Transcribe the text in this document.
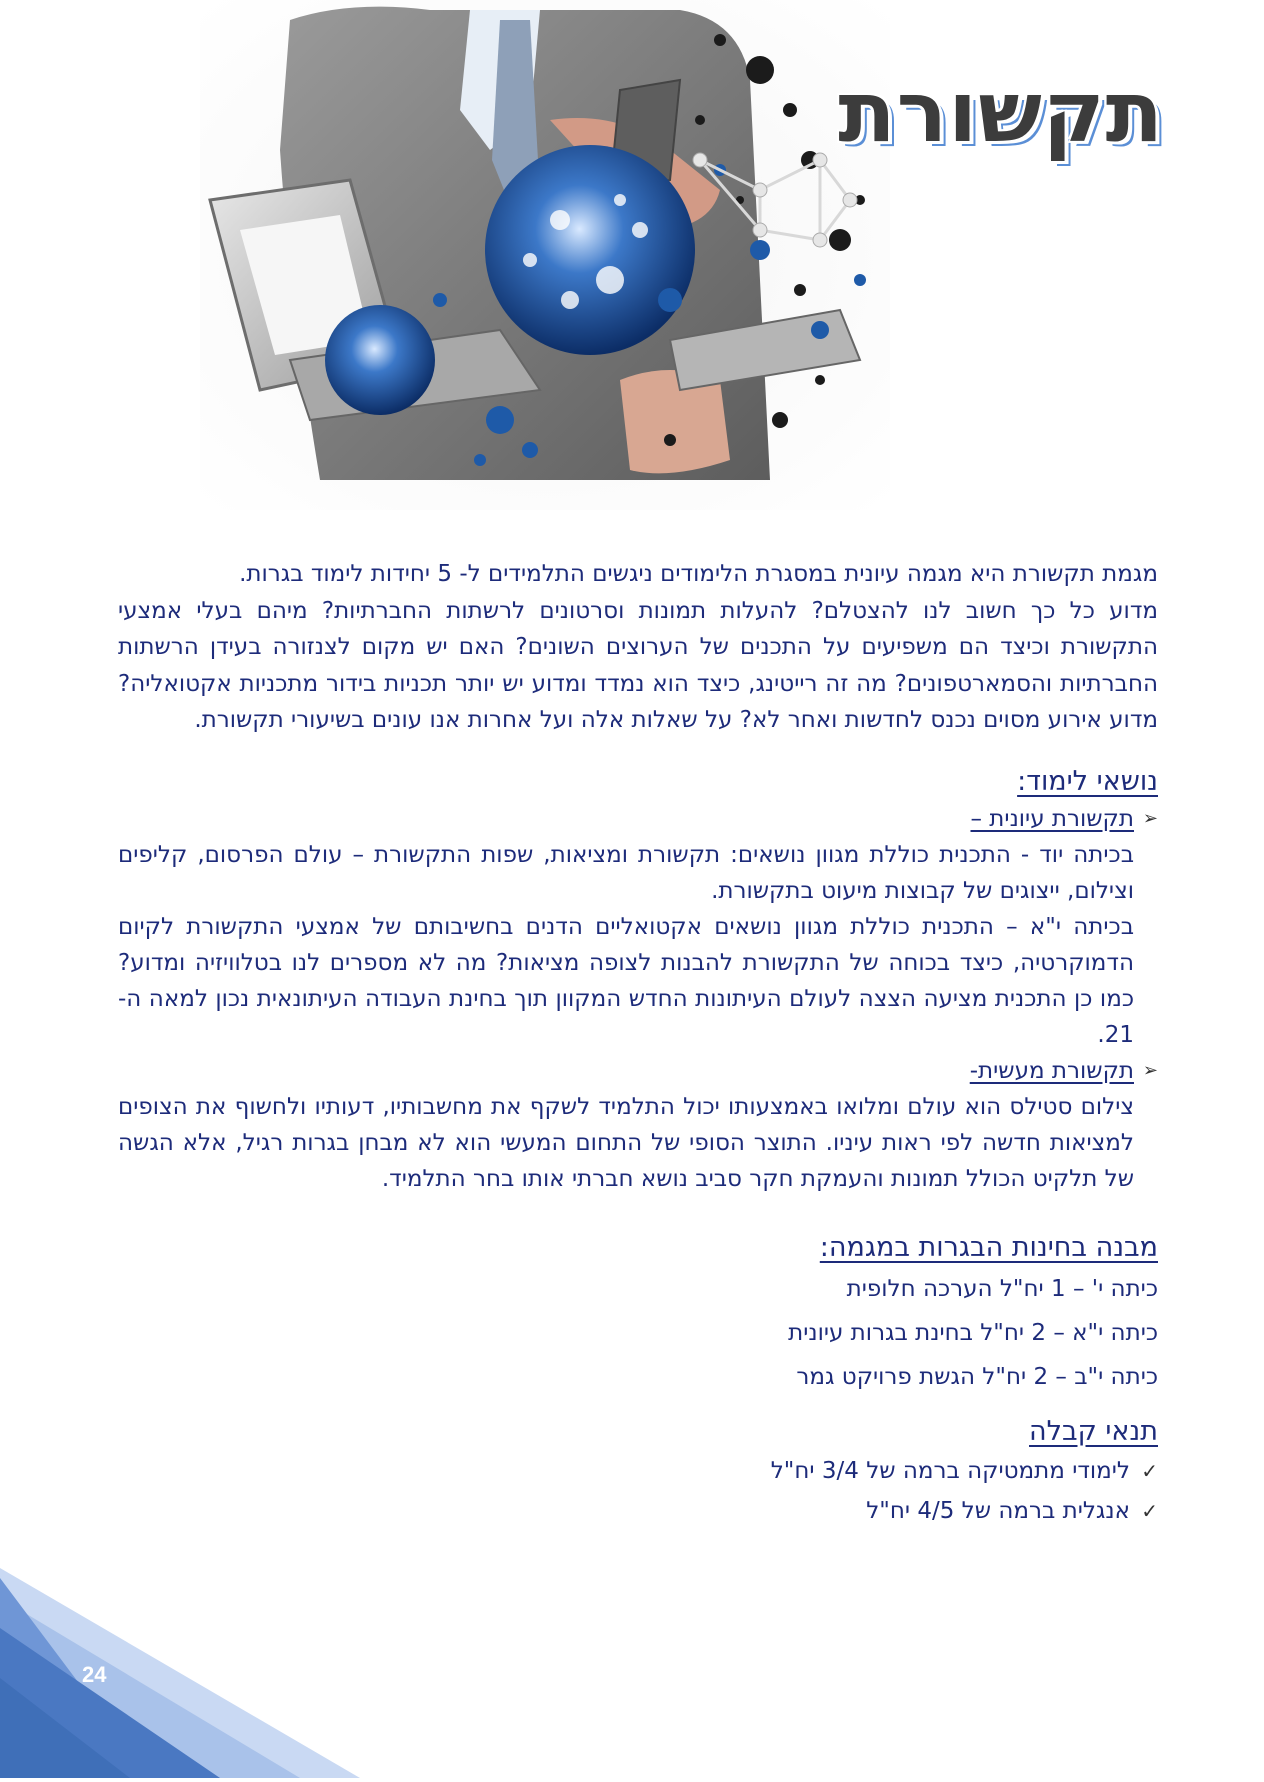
תקשורת

מגמת תקשורת היא מגמה עיונית במסגרת הלימודים ניגשים התלמידים ל- 5 יחידות לימוד בגרות.

מדוע כל כך חשוב לנו להצטלם? להעלות תמונות וסרטונים לרשתות החברתיות? מיהם בעלי אמצעי התקשורת וכיצד הם משפיעים על התכנים של הערוצים השונים? האם יש מקום לצנזורה בעידן הרשתות החברתיות והסמארטפונים? מה זה רייטינג, כיצד הוא נמדד ומדוע יש יותר תכניות בידור מתכניות אקטואליה? מדוע אירוע מסוים נכנס לחדשות ואחר לא? על שאלות אלה ועל אחרות אנו עונים בשיעורי תקשורת.

נושאי לימוד:
➢
תקשורת עיונית –

בכיתה יוד - התכנית כוללת מגוון נושאים: תקשורת ומציאות, שפות התקשורת – עולם הפרסום, קליפים וצילום, ייצוגים של קבוצות מיעוט בתקשורת.

בכיתה י"א – התכנית כוללת מגוון נושאים אקטואליים הדנים בחשיבותם של אמצעי התקשורת לקיום הדמוקרטיה, כיצד בכוחה של התקשורת להבנות לצופה מציאות? מה לא מספרים לנו בטלוויזיה ומדוע? כמו כן התכנית מציעה הצצה לעולם העיתונות החדש המקוון תוך בחינת העבודה העיתונאית נכון למאה ה- 21.

➢
תקשורת מעשית-

צילום סטילס הוא עולם ומלואו באמצעותו יכול התלמיד לשקף את מחשבותיו, דעותיו ולחשוף את הצופים למציאות חדשה לפי ראות עיניו. התוצר הסופי של התחום המעשי הוא לא מבחן בגרות רגיל, אלא הגשה של תלקיט הכולל תמונות והעמקת חקר סביב נושא חברתי אותו בחר התלמיד.

מבנה בחינות הבגרות במגמה:
כיתה י' – 1 יח"ל הערכה חלופית
כיתה י"א – 2 יח"ל בחינת בגרות עיונית
כיתה י"ב – 2 יח"ל הגשת פרויקט גמר
תנאי קבלה
✓
לימודי מתמטיקה ברמה של 3/4 יח"ל
✓
אנגלית ברמה של 4/5 יח"ל
24
